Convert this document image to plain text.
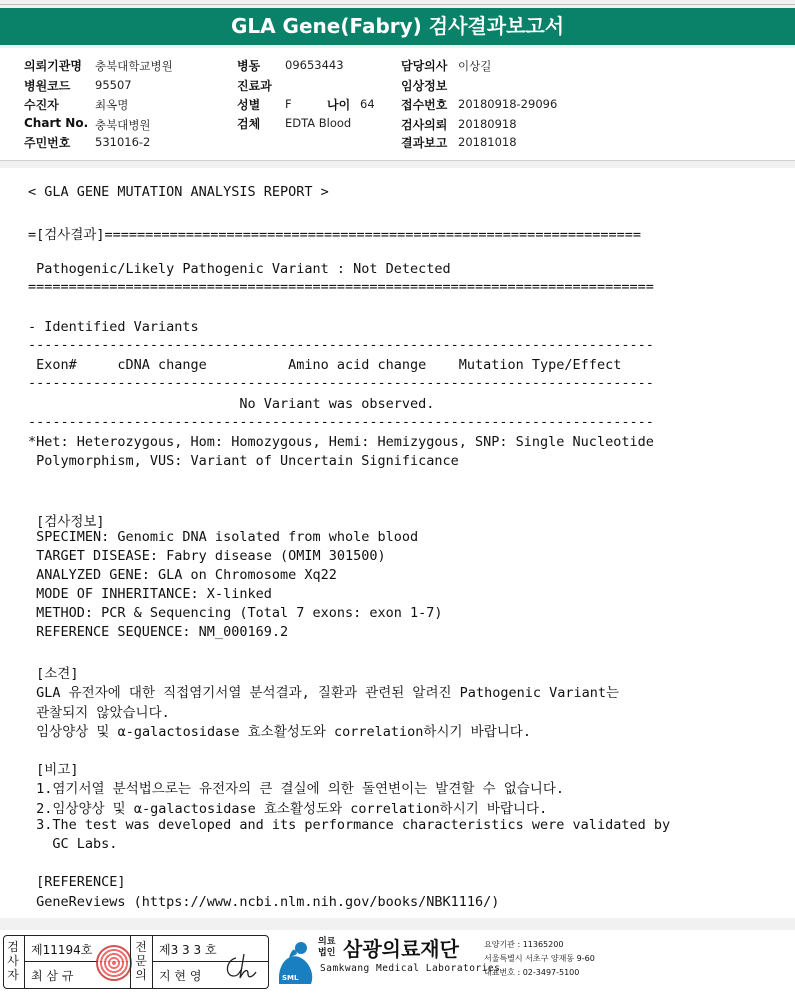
GLA Gene(Fabry) 검사결과보고서
의뢰기관명 충북대학교병원
병원코드 95507
수진자	최옥명
Chart No. 충북대병원
주민번호 531016-2
병동 09653443
진료과
성별 F	나이 64
검체 EDTA Blood
담당의사 이상길
임상정보
접수번호 20180918-29096
검사의뢰 20180918
결과보고 20181018
< GLA GENE MUTATION ANALYSIS REPORT >
=[검사결과]==================================================================
Pathogenic/Likely Pathogenic Variant : Not Detected
=============================================================================
- Identified Variants
-----------------------------------------------------------------------------
Exon#     cDNA change          Amino acid change    Mutation Type/Effect
-----------------------------------------------------------------------------
No Variant was observed.
-----------------------------------------------------------------------------
*Het: Heterozygous, Hom: Homozygous, Hemi: Hemizygous, SNP: Single Nucleotide
Polymorphism, VUS: Variant of Uncertain Significance
[검사정보]
SPECIMEN: Genomic DNA isolated from whole blood
TARGET DISEASE: Fabry disease (OMIM 301500)
ANALYZED GENE: GLA on Chromosome Xq22
MODE OF INHERITANCE: X-linked
METHOD: PCR & Sequencing (Total 7 exons: exon 1-7)
REFERENCE SEQUENCE: NM_000169.2
[소견]
GLA 유전자에 대한 직접염기서열 분석결과, 질환과 관련된 알려진 Pathogenic Variant는
관찰되지 않았습니다.
임상양상 및 α-galactosidase 효소활성도와 correlation하시기 바랍니다.
[비고]
1.염기서열 분석법으로는 유전자의 큰 결실에 의한 돌연변이는 발견할 수 없습니다.
2.임상양상 및 α-galactosidase 효소활성도와 correlation하시기 바랍니다.
3.The test was developed and its performance characteristics were validated by
GC Labs.
[REFERENCE]
GeneReviews (https://www.ncbi.nlm.nih.gov/books/NBK1116/)
검사자
제11194호
최 삼 규
전문의
제3 3 3 호
지 현 영	SML
의료법인 삼광의료재단
Samkwang Medical Laboratories
요양기관 : 11365200
서울특별시 서초구 양재동 9-60
대표번호 : 02-3497-5100
